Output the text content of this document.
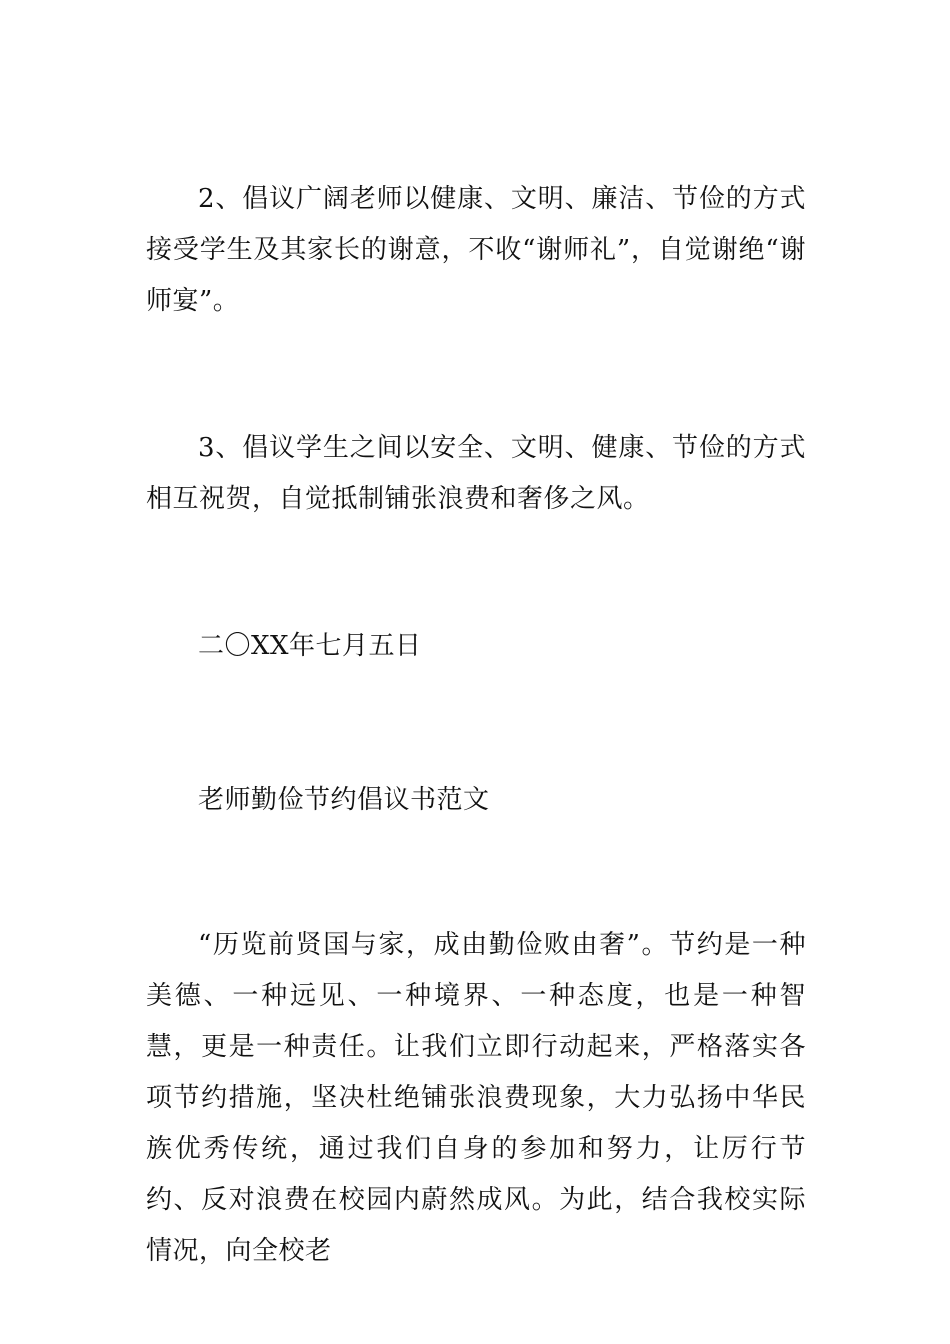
2、倡议广阔老师以健康、文明、廉洁、节俭的方式接受学生及其家长的谢意，不收“谢师礼”，自觉谢绝“谢师宴”。

3、倡议学生之间以安全、文明、健康、节俭的方式相互祝贺，自觉抵制铺张浪费和奢侈之风。

二〇XX年七月五日

老师勤俭节约倡议书范文

“历览前贤国与家，成由勤俭败由奢”。节约是一种美德、一种远见、一种境界、一种态度，也是一种智慧，更是一种责任。让我们立即行动起来，严格落实各项节约措施，坚决杜绝铺张浪费现象，大力弘扬中华民族优秀传统，通过我们自身的参加和努力，让厉行节约、反对浪费在校园内蔚然成风。为此，结合我校实际情况，向全校老
